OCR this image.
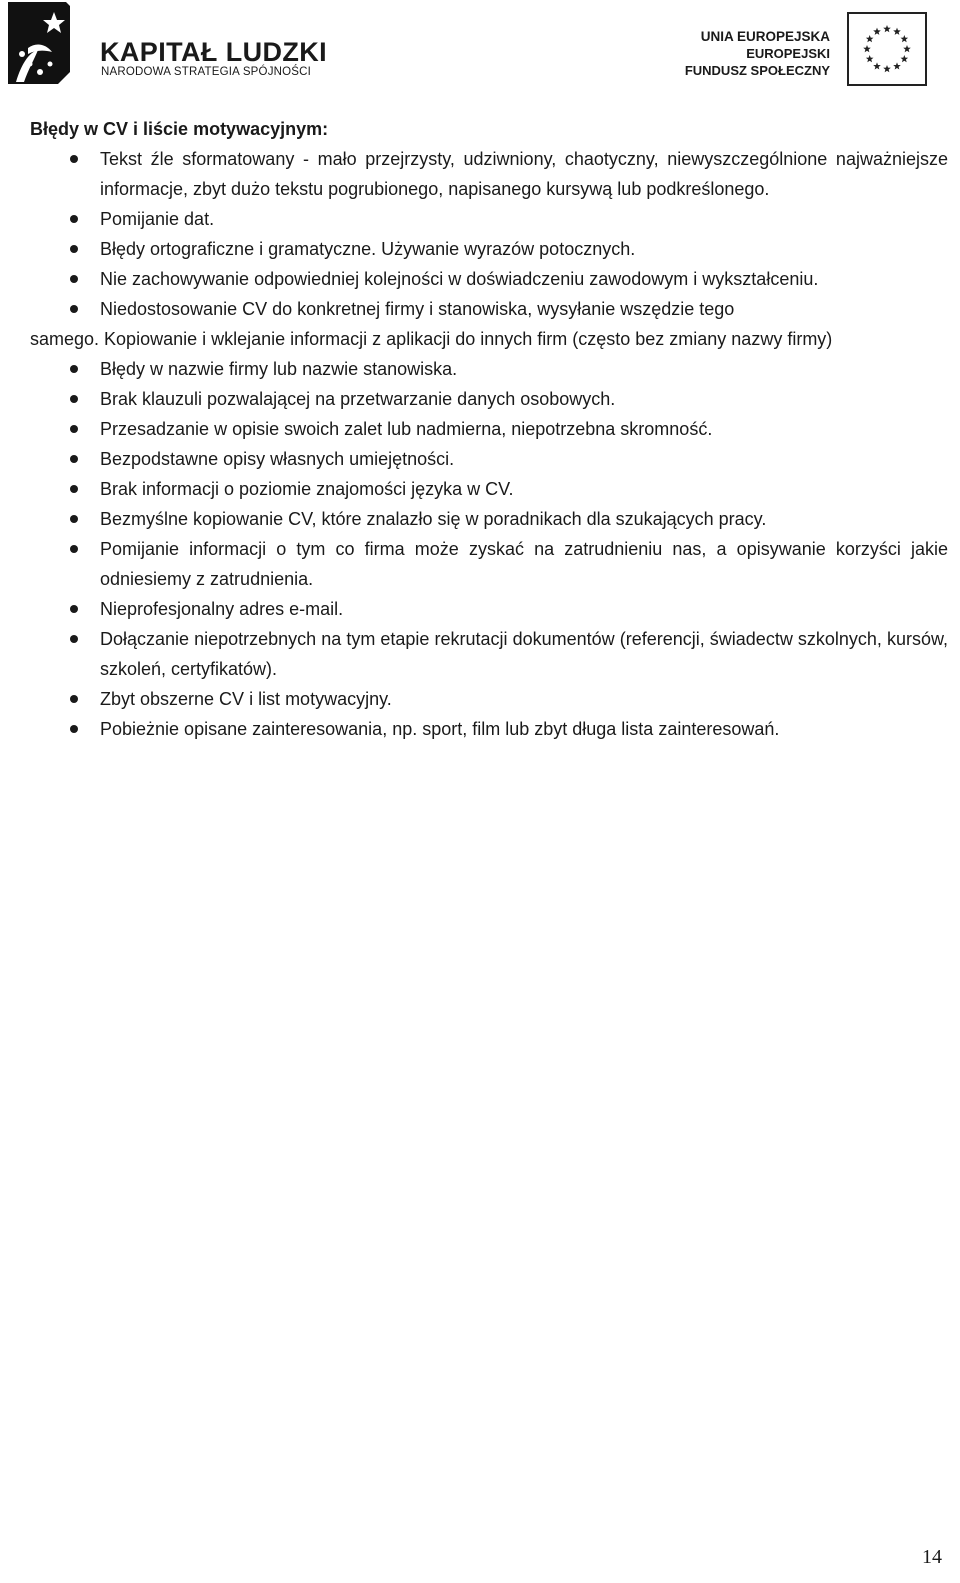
KAPITAŁ LUDZKI
NARODOWA STRATEGIA SPÓJNOŚCI
UNIA EUROPEJSKA
EUROPEJSKI
FUNDUSZ SPOŁECZNY
Błędy w CV i liście motywacyjnym:
Tekst źle sformatowany - mało przejrzysty, udziwniony, chaotyczny, niewyszczególnione najważniejsze informacje, zbyt dużo tekstu pogrubionego, napisanego kursywą lub podkreślonego.
Pomijanie dat.
Błędy ortograficzne i gramatyczne. Używanie wyrazów potocznych.
Nie zachowywanie odpowiedniej kolejności w doświadczeniu zawodowym i wykształceniu.
Niedostosowanie CV do konkretnej firmy i stanowiska, wysyłanie wszędzie tego
samego. Kopiowanie i wklejanie informacji z aplikacji do innych firm (często bez zmiany nazwy firmy)
Błędy w nazwie firmy lub nazwie stanowiska.
Brak klauzuli pozwalającej na przetwarzanie danych osobowych.
Przesadzanie w opisie swoich zalet lub nadmierna, niepotrzebna skromność.
Bezpodstawne opisy własnych umiejętności.
Brak informacji o poziomie znajomości języka w CV.
Bezmyślne kopiowanie CV, które znalazło się w poradnikach dla szukających pracy.
Pomijanie informacji o tym co firma może zyskać na zatrudnieniu nas, a opisywanie korzyści jakie odniesiemy z zatrudnienia.
Nieprofesjonalny adres e-mail.
Dołączanie niepotrzebnych na tym etapie rekrutacji dokumentów (referencji, świadectw szkolnych, kursów, szkoleń, certyfikatów).
Zbyt obszerne CV i list motywacyjny.
Pobieżnie opisane zainteresowania, np. sport, film lub zbyt długa lista zainteresowań.
14
